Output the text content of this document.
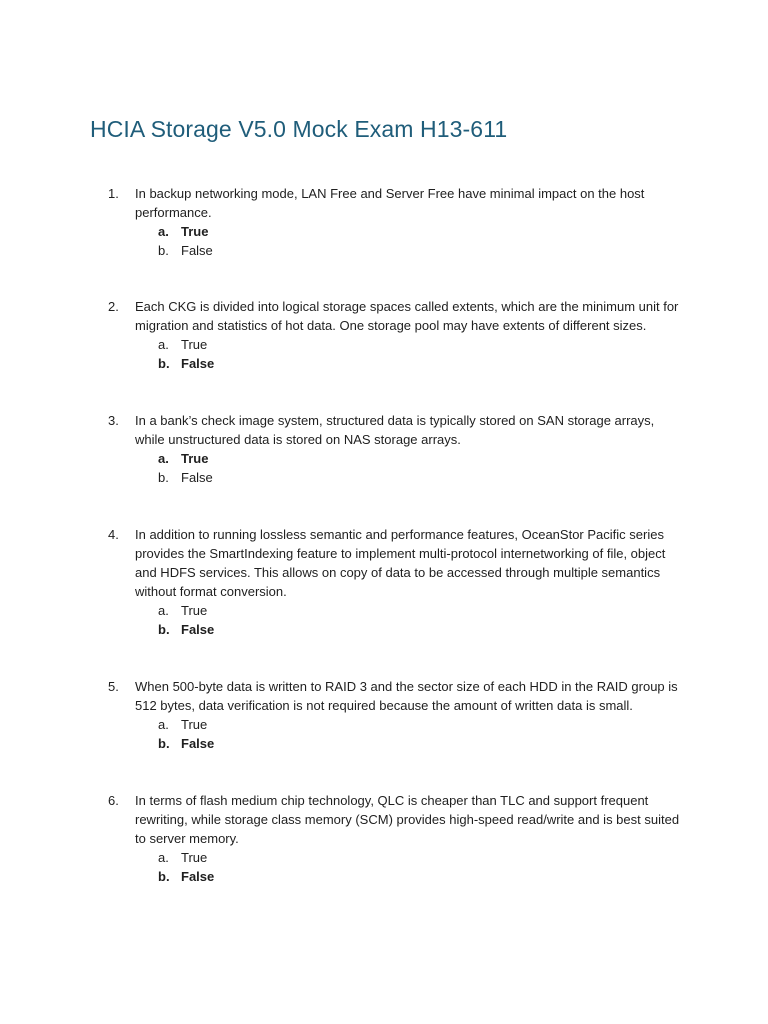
HCIA Storage V5.0 Mock Exam H13-611
1.	In backup networking mode, LAN Free and Server Free have minimal impact on the host performance.
a. True
b. False
2.	Each CKG is divided into logical storage spaces called extents, which are the minimum unit for migration and statistics of hot data. One storage pool may have extents of different sizes.
a. True
b. False
3.	In a bank’s check image system, structured data is typically stored on SAN storage arrays, while unstructured data is stored on NAS storage arrays.
a. True
b. False
4.	In addition to running lossless semantic and performance features, OceanStor Pacific series provides the SmartIndexing feature to implement multi-protocol internetworking of file, object and HDFS services. This allows on copy of data to be accessed through multiple semantics without format conversion.
a. True
b. False
5.	When 500-byte data is written to RAID 3 and the sector size of each HDD in the RAID group is 512 bytes, data verification is not required because the amount of written data is small.
a. True
b. False
6.	In terms of flash medium chip technology, QLC is cheaper than TLC and support frequent rewriting, while storage class memory (SCM) provides high-speed read/write and is best suited to server memory.
a. True
b. False
